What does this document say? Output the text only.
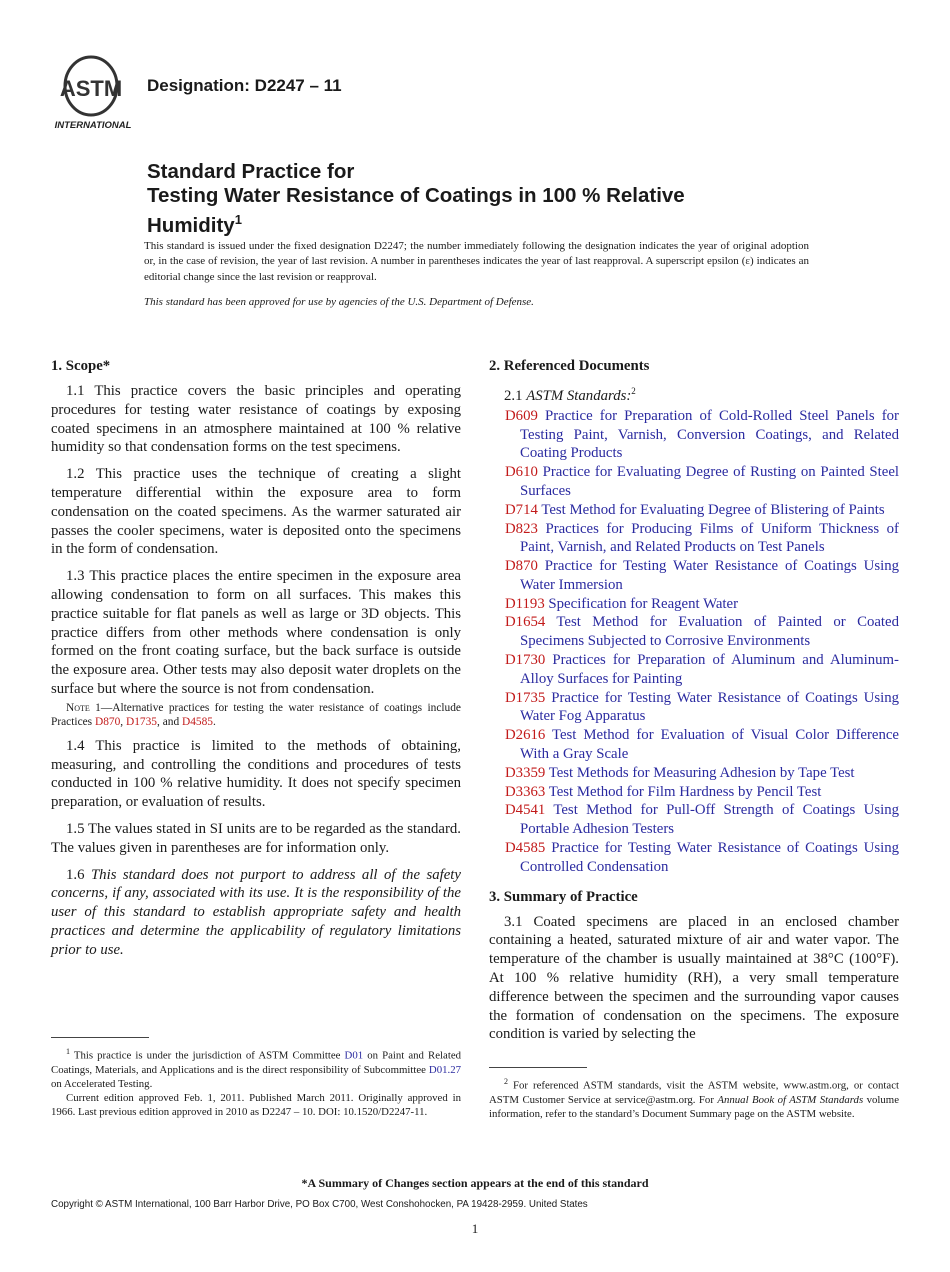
ASTM
INTERNATIONAL
Designation: D2247 – 11
Standard Practice for
Testing Water Resistance of Coatings in 100 % Relative
Humidity$^1$

This standard is issued under the fixed designation D2247; the number immediately following the designation indicates the year of original adoption or, in the case of revision, the year of last revision. A number in parentheses indicates the year of last reapproval. A superscript epsilon (ε) indicates an editorial change since the last revision or reapproval.

This standard has been approved for use by agencies of the U.S. Department of Defense.

1. Scope*

1.1 This practice covers the basic principles and operating procedures for testing water resistance of coatings by exposing coated specimens in an atmosphere maintained at 100 % relative humidity so that condensation forms on the test specimens.

1.2 This practice uses the technique of creating a slight temperature differential within the exposure area to form condensation on the coated specimens. As the warmer saturated air passes the cooler specimens, water is deposited onto the specimens in the form of condensation.

1.3 This practice places the entire specimen in the exposure area allowing condensation to form on all surfaces. This makes this practice suitable for flat panels as well as large or 3D objects. This practice differs from other methods where condensation is only formed on the front coating surface, but the back surface is outside the exposure area. Other tests may also deposit water droplets on the surface but where the source is not from condensation.

Note 1—Alternative practices for testing the water resistance of coatings include Practices D870, D1735, and D4585.

1.4 This practice is limited to the methods of obtaining, measuring, and controlling the conditions and procedures of tests conducted in 100 % relative humidity. It does not specify specimen preparation, or evaluation of results.

1.5 The values stated in SI units are to be regarded as the standard. The values given in parentheses are for information only.

1.6 This standard does not purport to address all of the safety concerns, if any, associated with its use. It is the responsibility of the user of this standard to establish appropriate safety and health practices and determine the applicability of regulatory limitations prior to use.

2. Referenced Documents
2.1 ASTM Standards:$^2$
D609 Practice for Preparation of Cold-Rolled Steel Panels for Testing Paint, Varnish, Conversion Coatings, and Related Coating Products
D610 Practice for Evaluating Degree of Rusting on Painted Steel Surfaces
D714 Test Method for Evaluating Degree of Blistering of Paints
D823 Practices for Producing Films of Uniform Thickness of Paint, Varnish, and Related Products on Test Panels
D870 Practice for Testing Water Resistance of Coatings Using Water Immersion
D1193 Specification for Reagent Water
D1654 Test Method for Evaluation of Painted or Coated Specimens Subjected to Corrosive Environments
D1730 Practices for Preparation of Aluminum and Aluminum-Alloy Surfaces for Painting
D1735 Practice for Testing Water Resistance of Coatings Using Water Fog Apparatus
D2616 Test Method for Evaluation of Visual Color Difference With a Gray Scale
D3359 Test Methods for Measuring Adhesion by Tape Test
D3363 Test Method for Film Hardness by Pencil Test
D4541 Test Method for Pull-Off Strength of Coatings Using Portable Adhesion Testers
D4585 Practice for Testing Water Resistance of Coatings Using Controlled Condensation
3. Summary of Practice

3.1 Coated specimens are placed in an enclosed chamber containing a heated, saturated mixture of air and water vapor. The temperature of the chamber is usually maintained at 38°C (100°F). At 100 % relative humidity (RH), a very small temperature difference between the specimen and the surrounding vapor causes the formation of condensation on the specimens. The exposure condition is varied by selecting the

$^1$ This practice is under the jurisdiction of ASTM Committee D01 on Paint and Related Coatings, Materials, and Applications and is the direct responsibility of Subcommittee D01.27 on Accelerated Testing.

Current edition approved Feb. 1, 2011. Published March 2011. Originally approved in 1966. Last previous edition approved in 2010 as D2247 – 10. DOI: 10.1520/D2247-11.

$^2$ For referenced ASTM standards, visit the ASTM website, www.astm.org, or contact ASTM Customer Service at service@astm.org. For Annual Book of ASTM Standards volume information, refer to the standard’s Document Summary page on the ASTM website.

*A Summary of Changes section appears at the end of this standard
Copyright © ASTM International, 100 Barr Harbor Drive, PO Box C700, West Conshohocken, PA 19428-2959. United States
1
